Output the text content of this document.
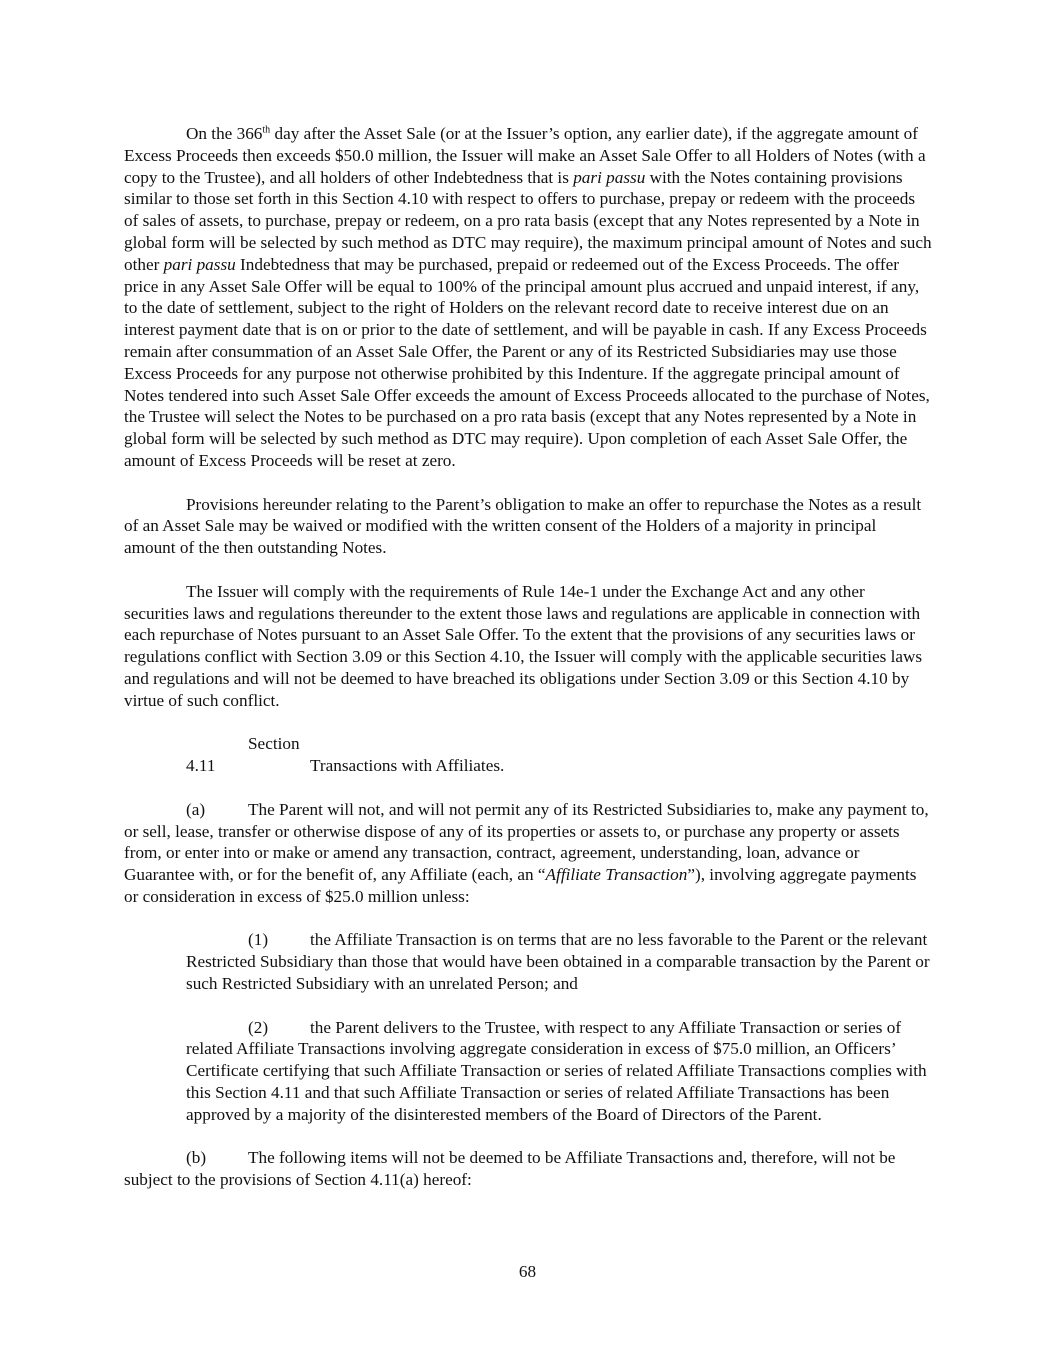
On the 366th day after the Asset Sale (or at the Issuer’s option, any earlier date), if the aggregate amount of Excess Proceeds then exceeds $50.0 million, the Issuer will make an Asset Sale Offer to all Holders of Notes (with a copy to the Trustee), and all holders of other Indebtedness that is pari passu with the Notes containing provisions similar to those set forth in this Section 4.10 with respect to offers to purchase, prepay or redeem with the proceeds of sales of assets, to purchase, prepay or redeem, on a pro rata basis (except that any Notes represented by a Note in global form will be selected by such method as DTC may require), the maximum principal amount of Notes and such other pari passu Indebtedness that may be purchased, prepaid or redeemed out of the Excess Proceeds. The offer price in any Asset Sale Offer will be equal to 100% of the principal amount plus accrued and unpaid interest, if any, to the date of settlement, subject to the right of Holders on the relevant record date to receive interest due on an interest payment date that is on or prior to the date of settlement, and will be payable in cash. If any Excess Proceeds remain after consummation of an Asset Sale Offer, the Parent or any of its Restricted Subsidiaries may use those Excess Proceeds for any purpose not otherwise prohibited by this Indenture. If the aggregate principal amount of Notes tendered into such Asset Sale Offer exceeds the amount of Excess Proceeds allocated to the purchase of Notes, the Trustee will select the Notes to be purchased on a pro rata basis (except that any Notes represented by a Note in global form will be selected by such method as DTC may require). Upon completion of each Asset Sale Offer, the amount of Excess Proceeds will be reset at zero.

Provisions hereunder relating to the Parent’s obligation to make an offer to repurchase the Notes as a result of an Asset Sale may be waived or modified with the written consent of the Holders of a majority in principal amount of the then outstanding Notes.

The Issuer will comply with the requirements of Rule 14e-1 under the Exchange Act and any other securities laws and regulations thereunder to the extent those laws and regulations are applicable in connection with each repurchase of Notes pursuant to an Asset Sale Offer. To the extent that the provisions of any securities laws or regulations conflict with Section 3.09 or this Section 4.10, the Issuer will comply with the applicable securities laws and regulations and will not be deemed to have breached its obligations under Section 3.09 or this Section 4.10 by virtue of such conflict.

Section 4.11	Transactions with Affiliates.

(a) The Parent will not, and will not permit any of its Restricted Subsidiaries to, make any payment to, or sell, lease, transfer or otherwise dispose of any of its properties or assets to, or purchase any property or assets from, or enter into or make or amend any transaction, contract, agreement, understanding, loan, advance or Guarantee with, or for the benefit of, any Affiliate (each, an “Affiliate Transaction”), involving aggregate payments or consideration in excess of $25.0 million unless:

(1) the Affiliate Transaction is on terms that are no less favorable to the Parent or the relevant Restricted Subsidiary than those that would have been obtained in a comparable transaction by the Parent or such Restricted Subsidiary with an unrelated Person; and

(2) the Parent delivers to the Trustee, with respect to any Affiliate Transaction or series of related Affiliate Transactions involving aggregate consideration in excess of $75.0 million, an Officers’ Certificate certifying that such Affiliate Transaction or series of related Affiliate Transactions complies with this Section 4.11 and that such Affiliate Transaction or series of related Affiliate Transactions has been approved by a majority of the disinterested members of the Board of Directors of the Parent.

(b) The following items will not be deemed to be Affiliate Transactions and, therefore, will not be subject to the provisions of Section 4.11(a) hereof:

68
